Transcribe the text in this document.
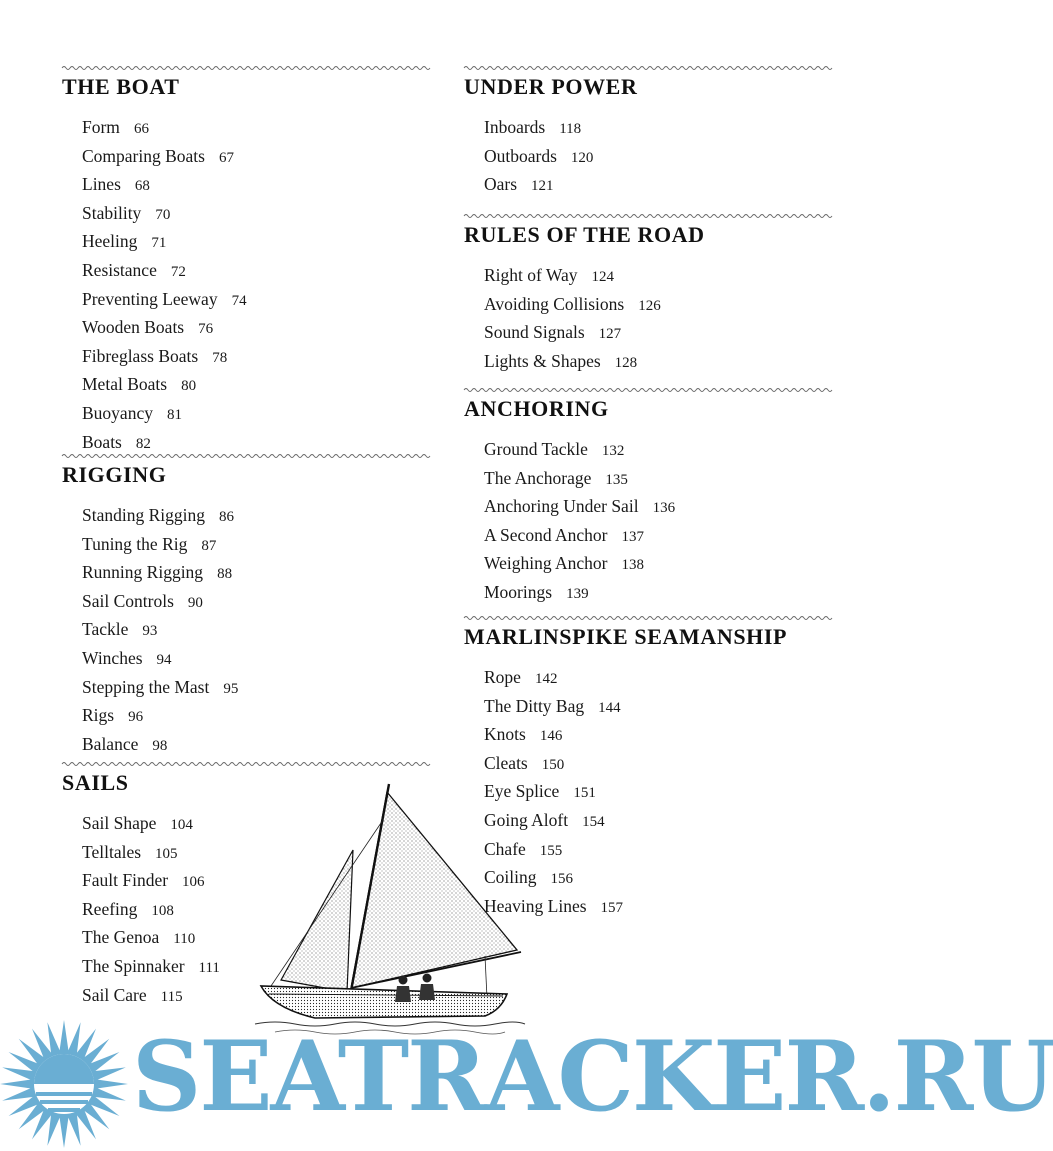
THE BOAT
Form 66
Comparing Boats 67
Lines 68
Stability 70
Heeling 71
Resistance 72
Preventing Leeway 74
Wooden Boats 76
Fibreglass Boats 78
Metal Boats 80
Buoyancy 81
Boats 82
RIGGING
Standing Rigging 86
Tuning the Rig 87
Running Rigging 88
Sail Controls 90
Tackle 93
Winches 94
Stepping the Mast 95
Rigs 96
Balance 98
SAILS
Sail Shape 104
Telltales 105
Fault Finder 106
Reefing 108
The Genoa 110
The Spinnaker 111
Sail Care 115
UNDER POWER
Inboards 118
Outboards 120
Oars 121
RULES OF THE ROAD
Right of Way 124
Avoiding Collisions 126
Sound Signals 127
Lights & Shapes 128
ANCHORING
Ground Tackle 132
The Anchorage 135
Anchoring Under Sail 136
A Second Anchor 137
Weighing Anchor 138
Moorings 139
MARLINSPIKE SEAMANSHIP
Rope 142
The Ditty Bag 144
Knots 146
Cleats 150
Eye Splice 151
Going Aloft 154
Chafe 155
Coiling 156
Heaving Lines 157
SEATRACKER.RU
